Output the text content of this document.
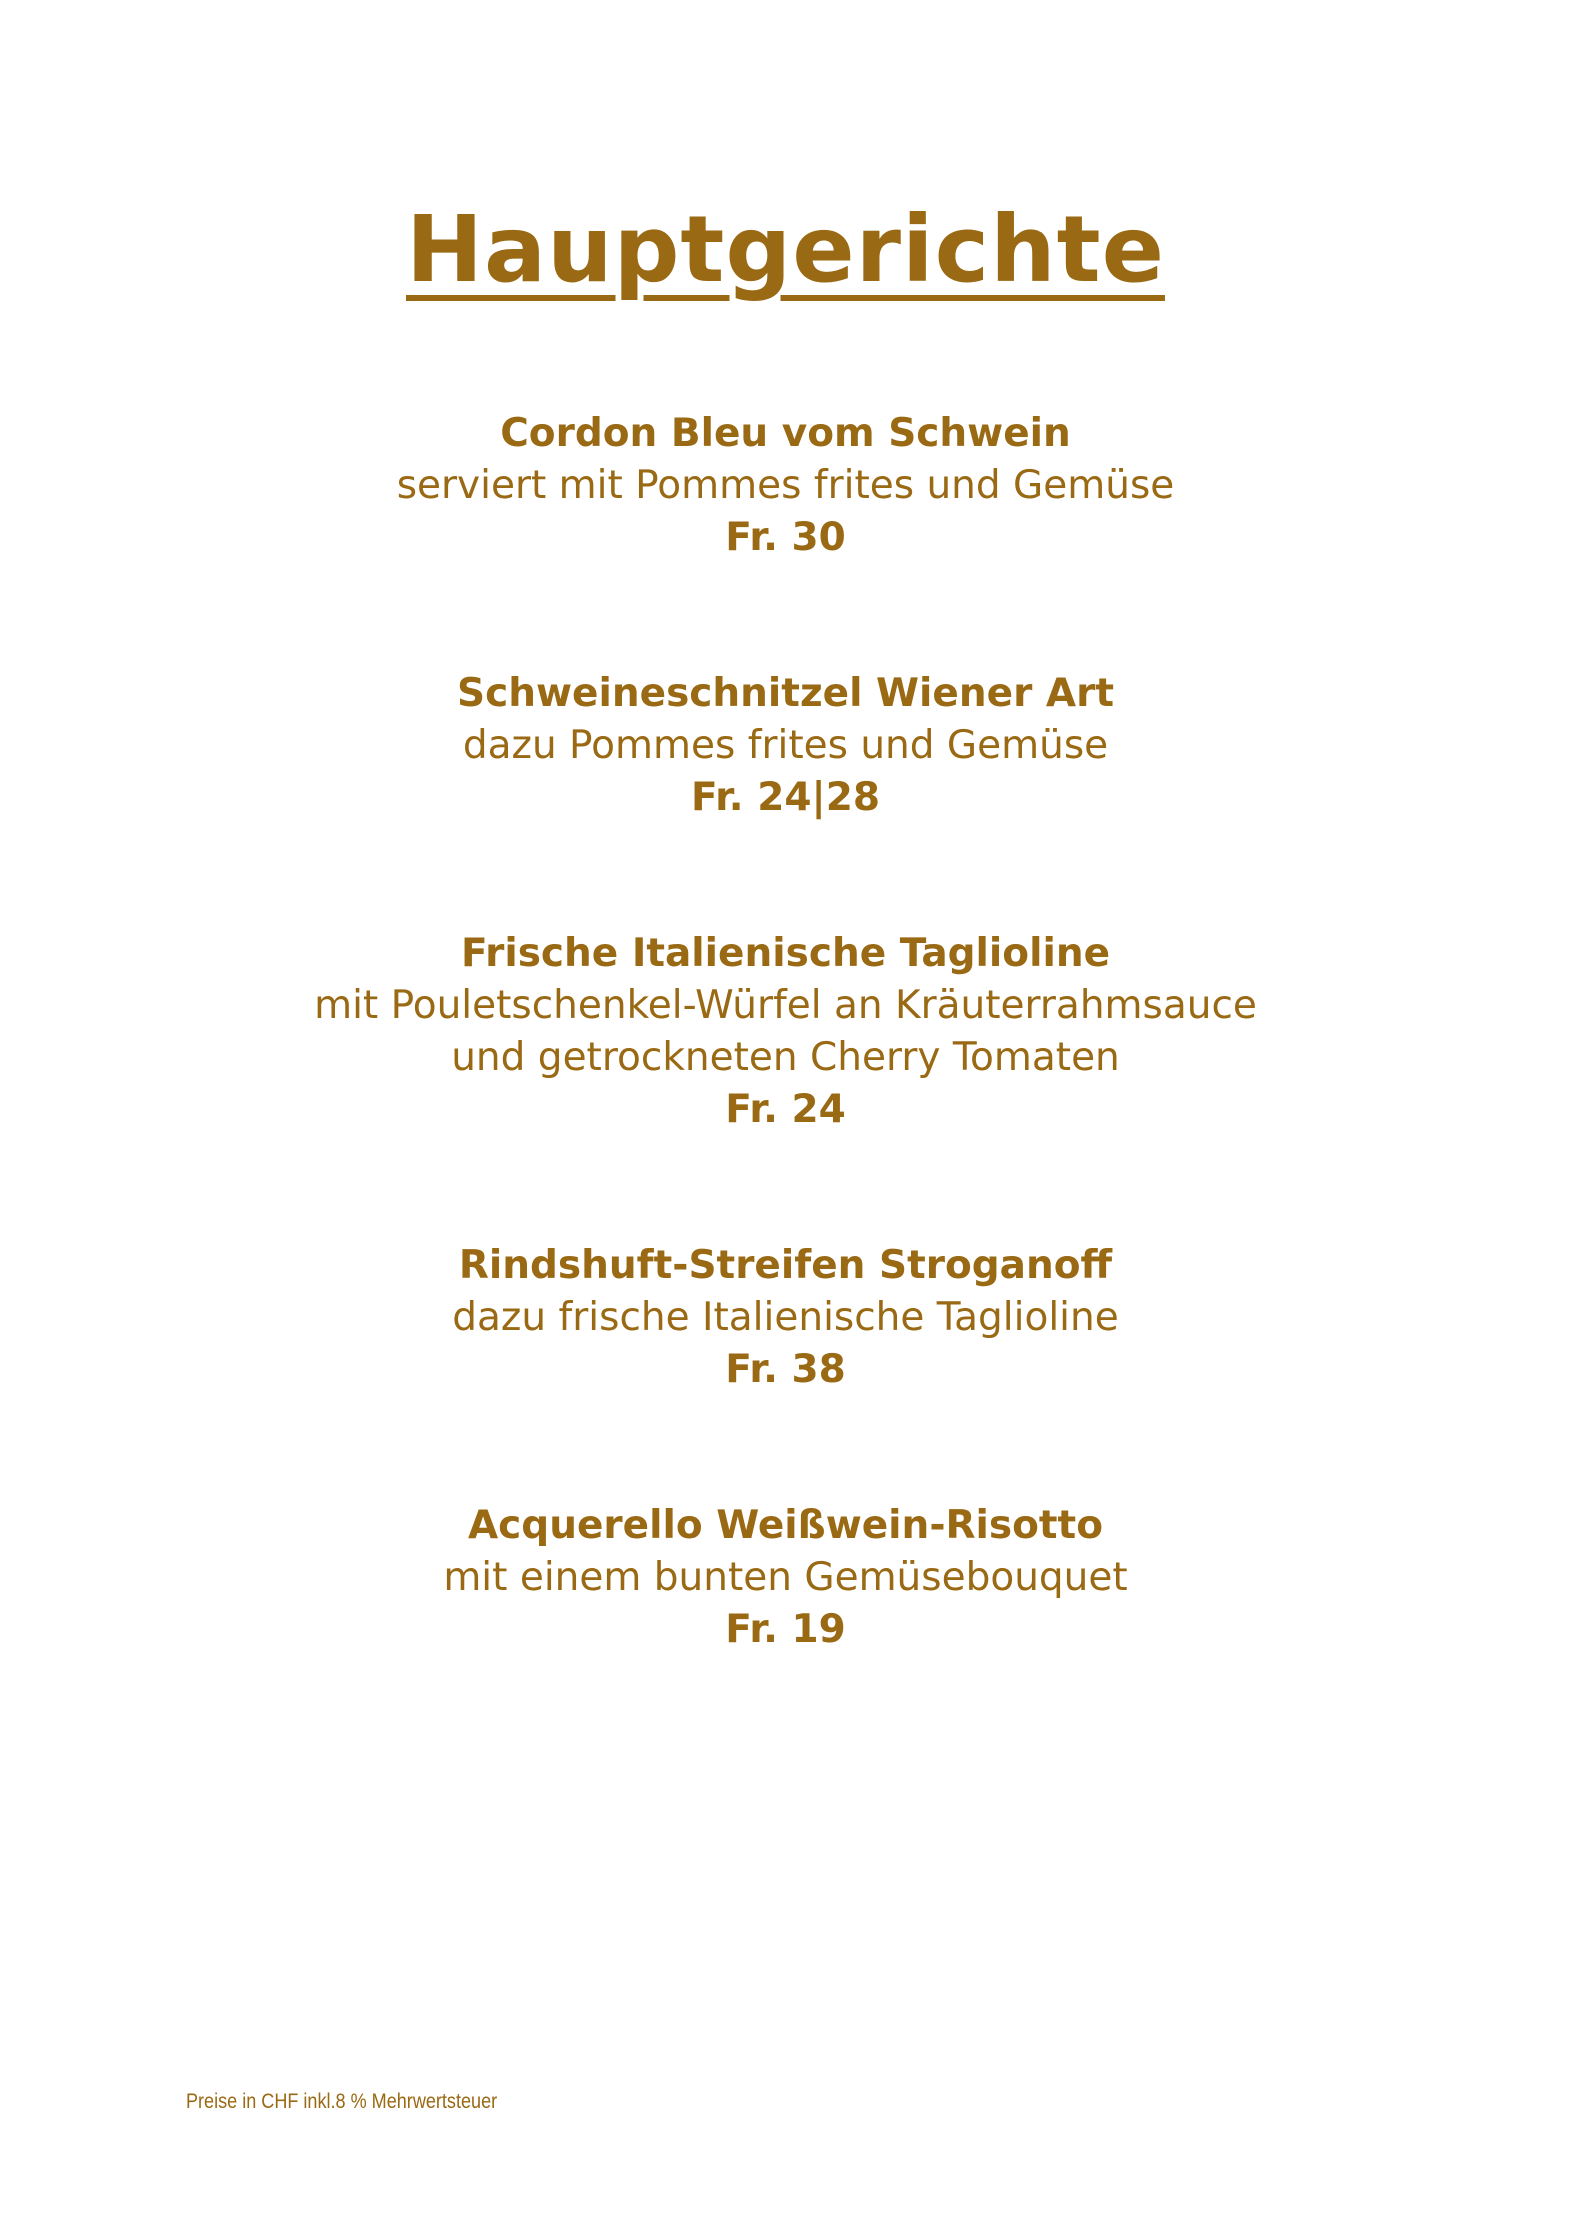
Hauptgerichte
Cordon Bleu vom Schwein
serviert mit Pommes frites und Gemüse
Fr. 30
Schweineschnitzel Wiener Art
dazu Pommes frites und Gemüse
Fr. 24|28
Frische Italienische Taglioline
mit Pouletschenkel-Würfel an Kräuterrahmsauce
und getrockneten Cherry Tomaten
Fr. 24
Rindshuft-Streifen Stroganoff
dazu frische Italienische Taglioline
Fr. 38
Acquerello Weißwein-Risotto
mit einem bunten Gemüsebouquet
Fr. 19
Preise in CHF inkl.8 % Mehrwertsteuer
